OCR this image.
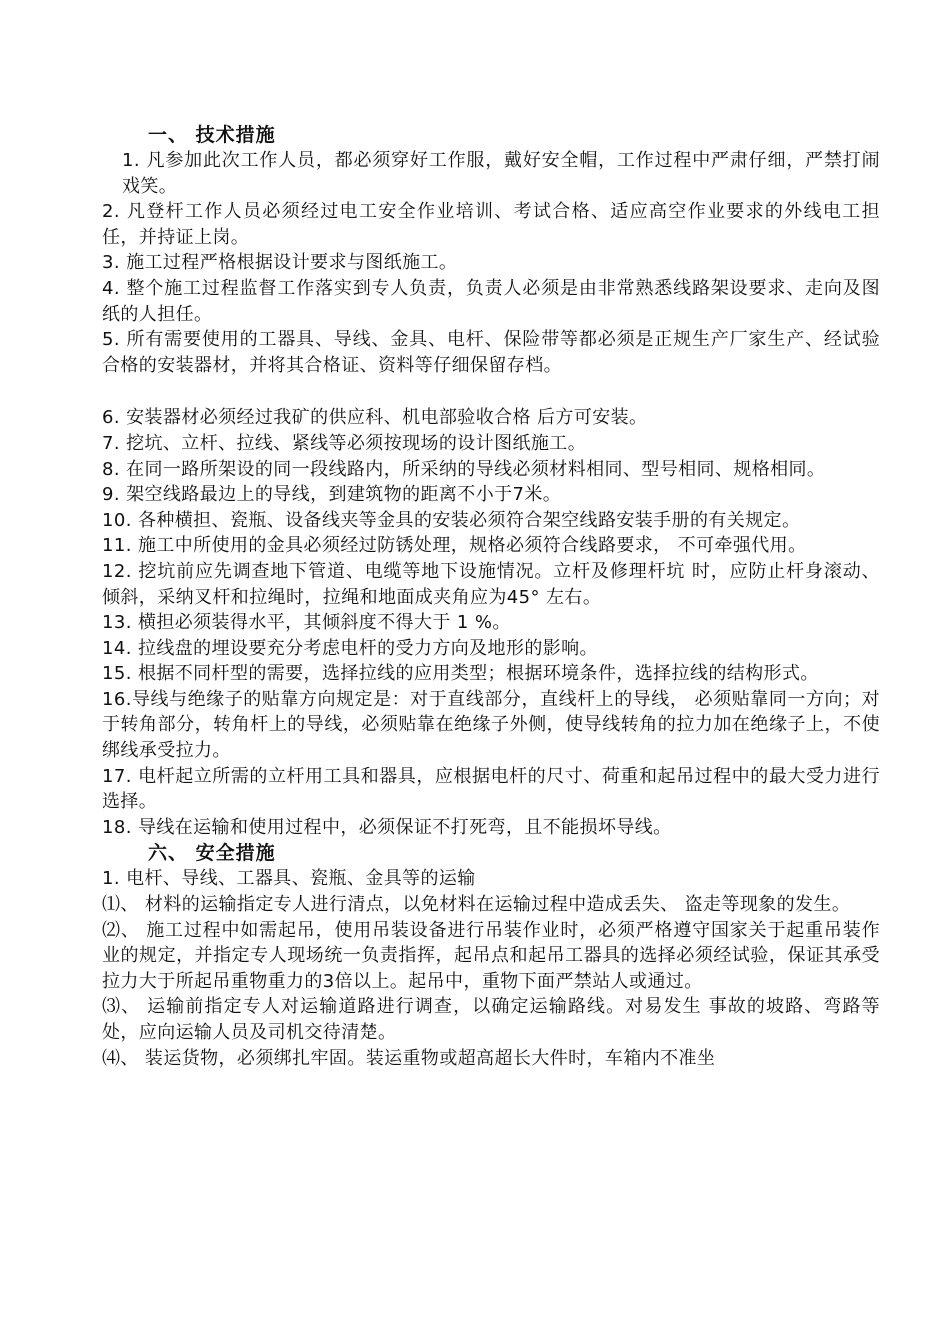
一、 技术措施

1. 凡参加此次工作人员，都必须穿好工作服，戴好安全帽，工作过程中严肃仔细，严禁打闹戏笑。

2. 凡登杆工作人员必须经过电工安全作业培训、考试合格、适应高空作业要求的外线电工担任，并持证上岗。

3. 施工过程严格根据设计要求与图纸施工。

4. 整个施工过程监督工作落实到专人负责，负责人必须是由非常熟悉线路架设要求、走向及图纸的人担任。

5. 所有需要使用的工器具、导线、金具、电杆、保险带等都必须是正规生产厂家生产、经试验合格的安装器材，并将其合格证、资料等仔细保留存档。

6. 安装器材必须经过我矿的供应科、机电部验收合格 后方可安装。

7. 挖坑、立杆、拉线、紧线等必须按现场的设计图纸施工。

8. 在同一路所架设的同一段线路内，所采纳的导线必须材料相同、型号相同、规格相同。

9. 架空线路最边上的导线，到建筑物的距离不小于7米。

10. 各种横担、瓷瓶、设备线夹等金具的安装必须符合架空线路安装手册的有关规定。

11. 施工中所使用的金具必须经过防锈处理，规格必须符合线路要求， 不可牵强代用。

12. 挖坑前应先调查地下管道、电缆等地下设施情况。立杆及修理杆坑 时，应防止杆身滚动、倾斜，采纳叉杆和拉绳时，拉绳和地面成夹角应为45° 左右。

13. 横担必须装得水平，其倾斜度不得大于 1 %。

14. 拉线盘的埋设要充分考虑电杆的受力方向及地形的影响。

15. 根据不同杆型的需要，选择拉线的应用类型；根据环境条件，选择拉线的结构形式。

16.导线与绝缘子的贴靠方向规定是：对于直线部分，直线杆上的导线， 必须贴靠同一方向；对于转角部分，转角杆上的导线，必须贴靠在绝缘子外侧，使导线转角的拉力加在绝缘子上，不使绑线承受拉力。

17. 电杆起立所需的立杆用工具和器具，应根据电杆的尺寸、荷重和起吊过程中的最大受力进行选择。

18. 导线在运输和使用过程中，必须保证不打死弯，且不能损坏导线。

六、 安全措施

1. 电杆、导线、工器具、瓷瓶、金具等的运输

⑴、 材料的运输指定专人进行清点，以免材料在运输过程中造成丢失、 盗走等现象的发生。

⑵、 施工过程中如需起吊，使用吊装设备进行吊装作业时，必须严格遵守国家关于起重吊装作业的规定，并指定专人现场统一负责指挥，起吊点和起吊工器具的选择必须经试验，保证其承受拉力大于所起吊重物重力的3倍以上。起吊中，重物下面严禁站人或通过。

⑶、 运输前指定专人对运输道路进行调查，以确定运输路线。对易发生 事故的坡路、弯路等处，应向运输人员及司机交待清楚。

⑷、 装运货物，必须绑扎牢固。装运重物或超高超长大件时，车箱内不准坐
